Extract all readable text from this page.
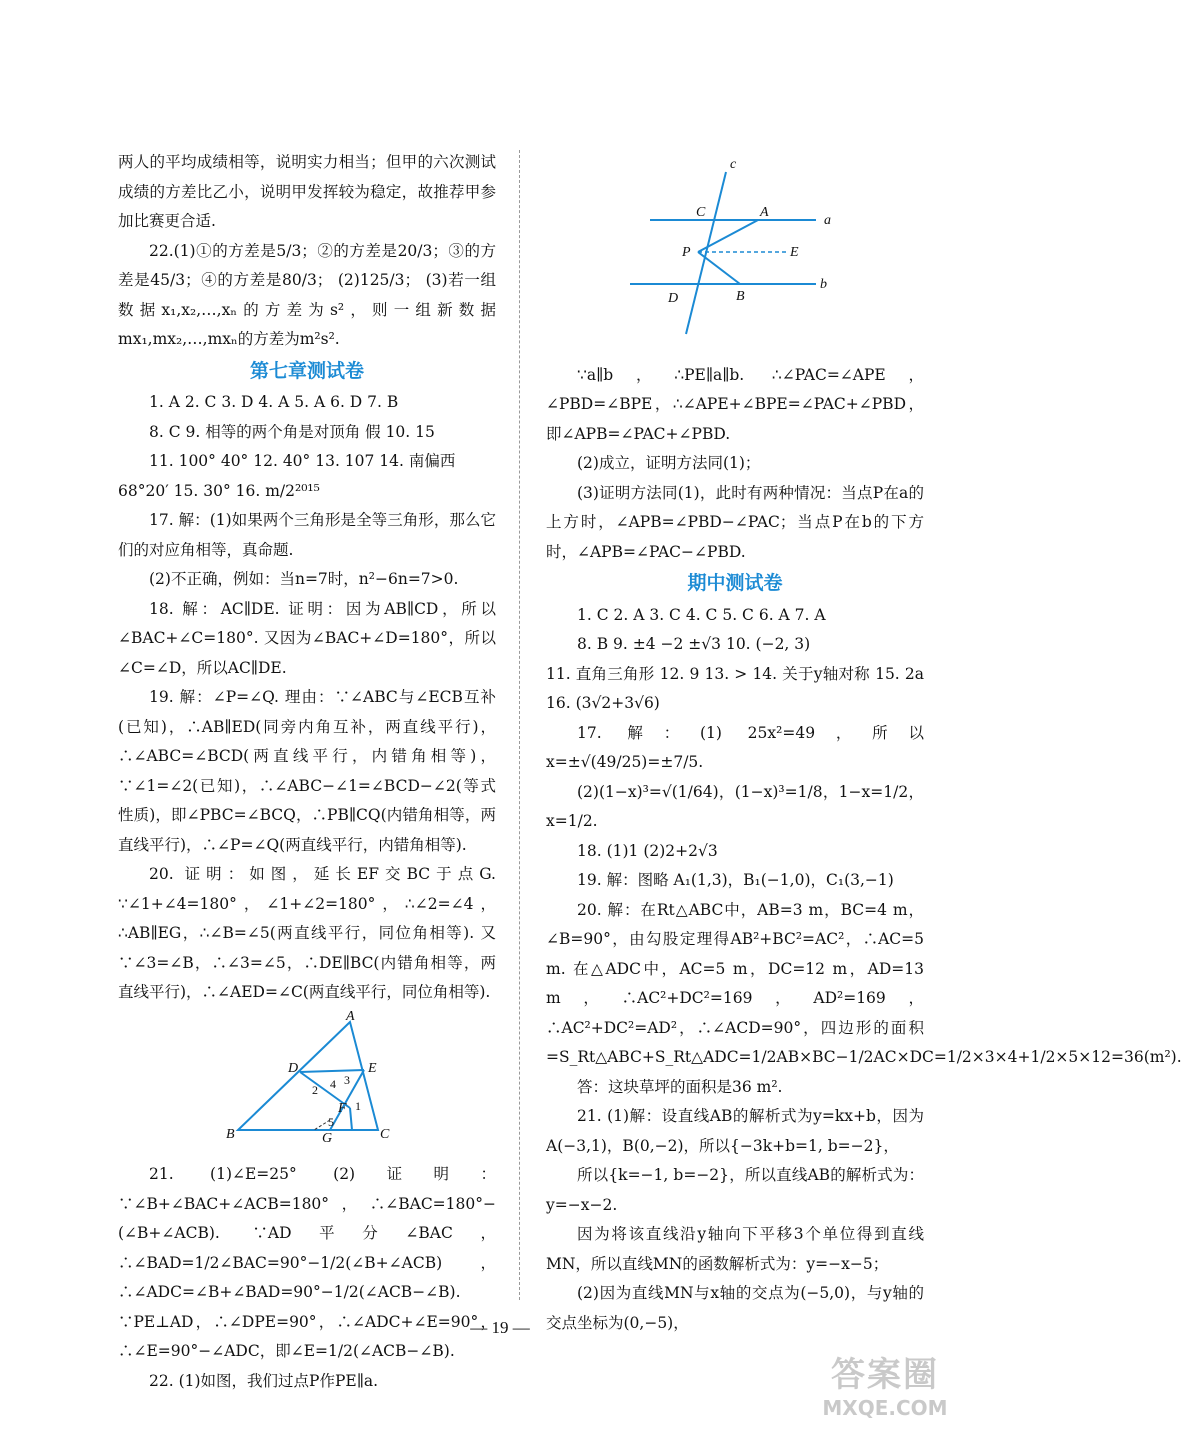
两人的平均成绩相等，说明实力相当；但甲的六次测试成绩的方差比乙小，说明甲发挥较为稳定，故推荐甲参加比赛更合适.

22.(1)①的方差是5/3；②的方差是20/3；③的方差是45/3；④的方差是80/3； (2)125/3； (3)若一组数据x₁,x₂,…,xₙ的方差为s²，则一组新数据mx₁,mx₂,…,mxₙ的方差为m²s².

第七章测试卷

1. A 2. C 3. D 4. A 5. A 6. D 7. B

8. C 9. 相等的两个角是对顶角 假 10. 15

11. 100° 40° 12. 40° 13. 107 14. 南偏西

68°20′ 15. 30° 16. m/2²⁰¹⁵

17. 解：(1)如果两个三角形是全等三角形，那么它们的对应角相等，真命题.

(2)不正确，例如：当n=7时，n²−6n=7>0.

18. 解：AC∥DE. 证明：因为AB∥CD，所以∠BAC+∠C=180°. 又因为∠BAC+∠D=180°，所以∠C=∠D，所以AC∥DE.

19. 解：∠P=∠Q. 理由：∵∠ABC与∠ECB互补(已知)，∴AB∥ED(同旁内角互补，两直线平行)，∴∠ABC=∠BCD(两直线平行，内错角相等)，∵∠1=∠2(已知)，∴∠ABC−∠1=∠BCD−∠2(等式性质)，即∠PBC=∠BCQ，∴PB∥CQ(内错角相等，两直线平行)，∴∠P=∠Q(两直线平行，内错角相等).

20. 证明：如图，延长EF交BC于点G. ∵∠1+∠4=180°，∠1+∠2=180°，∴∠2=∠4，∴AB∥EG，∴∠B=∠5(两直线平行，同位角相等). 又∵∠3=∠B，∴∠3=∠5，∴DE∥BC(内错角相等，两直线平行)，∴∠AED=∠C(两直线平行，同位角相等).

A
B	C
D	E
F
G
1
2
3
4
5

21. (1)∠E=25° (2)证明：∵∠B+∠BAC+∠ACB=180°，∴∠BAC=180°−(∠B+∠ACB). ∵AD平分∠BAC，∴∠BAD=1/2∠BAC=90°−1/2(∠B+∠ACB)，∴∠ADC=∠B+∠BAD=90°−1/2(∠ACB−∠B). ∵PE⊥AD，∴∠DPE=90°，∴∠ADC+∠E=90°，∴∠E=90°−∠ADC，即∠E=1/2(∠ACB−∠B).

22. (1)如图，我们过点P作PE∥a.

c
C	A
a
P	E
D	B
b

∵a∥b，∴PE∥a∥b. ∴∠PAC=∠APE，∠PBD=∠BPE，∴∠APE+∠BPE=∠PAC+∠PBD，即∠APB=∠PAC+∠PBD.

(2)成立，证明方法同(1)；

(3)证明方法同(1)，此时有两种情况：当点P在a的上方时，∠APB=∠PBD−∠PAC；当点P在b的下方时，∠APB=∠PAC−∠PBD.

期中测试卷

1. C 2. A 3. C 4. C 5. C 6. A 7. A

8. B 9. ±4 −2 ±√3 10. (−2, 3)

11. 直角三角形 12. 9 13. > 14. 关于y轴对称 15. 2a 16. (3√2+3√6)

17. 解：(1) 25x²=49，所以x=±√(49/25)=±7/5.

(2)(1−x)³=√(1/64)，(1−x)³=1/8，1−x=1/2，x=1/2.

18. (1)1 (2)2+2√3

19. 解：图略 A₁(1,3)，B₁(−1,0)，C₁(3,−1)

20. 解：在Rt△ABC中，AB=3 m，BC=4 m，∠B=90°，由勾股定理得AB²+BC²=AC²，∴AC=5 m. 在△ADC中，AC=5 m，DC=12 m，AD=13 m，∴AC²+DC²=169，AD²=169，∴AC²+DC²=AD²，∴∠ACD=90°，四边形的面积=S_Rt△ABC+S_Rt△ADC=1/2AB×BC−1/2AC×DC=1/2×3×4+1/2×5×12=36(m²).

答：这块草坪的面积是36 m².

21. (1)解：设直线AB的解析式为y=kx+b，因为A(−3,1)，B(0,−2)，所以{−3k+b=1, b=−2}，

所以{k=−1, b=−2}，所以直线AB的解析式为：y=−x−2.

因为将该直线沿y轴向下平移3个单位得到直线MN，所以直线MN的函数解析式为：y=−x−5；

(2)因为直线MN与x轴的交点为(−5,0)，与y轴的交点坐标为(0,−5)，

— 19 —
答案圈
MXQE.COM
